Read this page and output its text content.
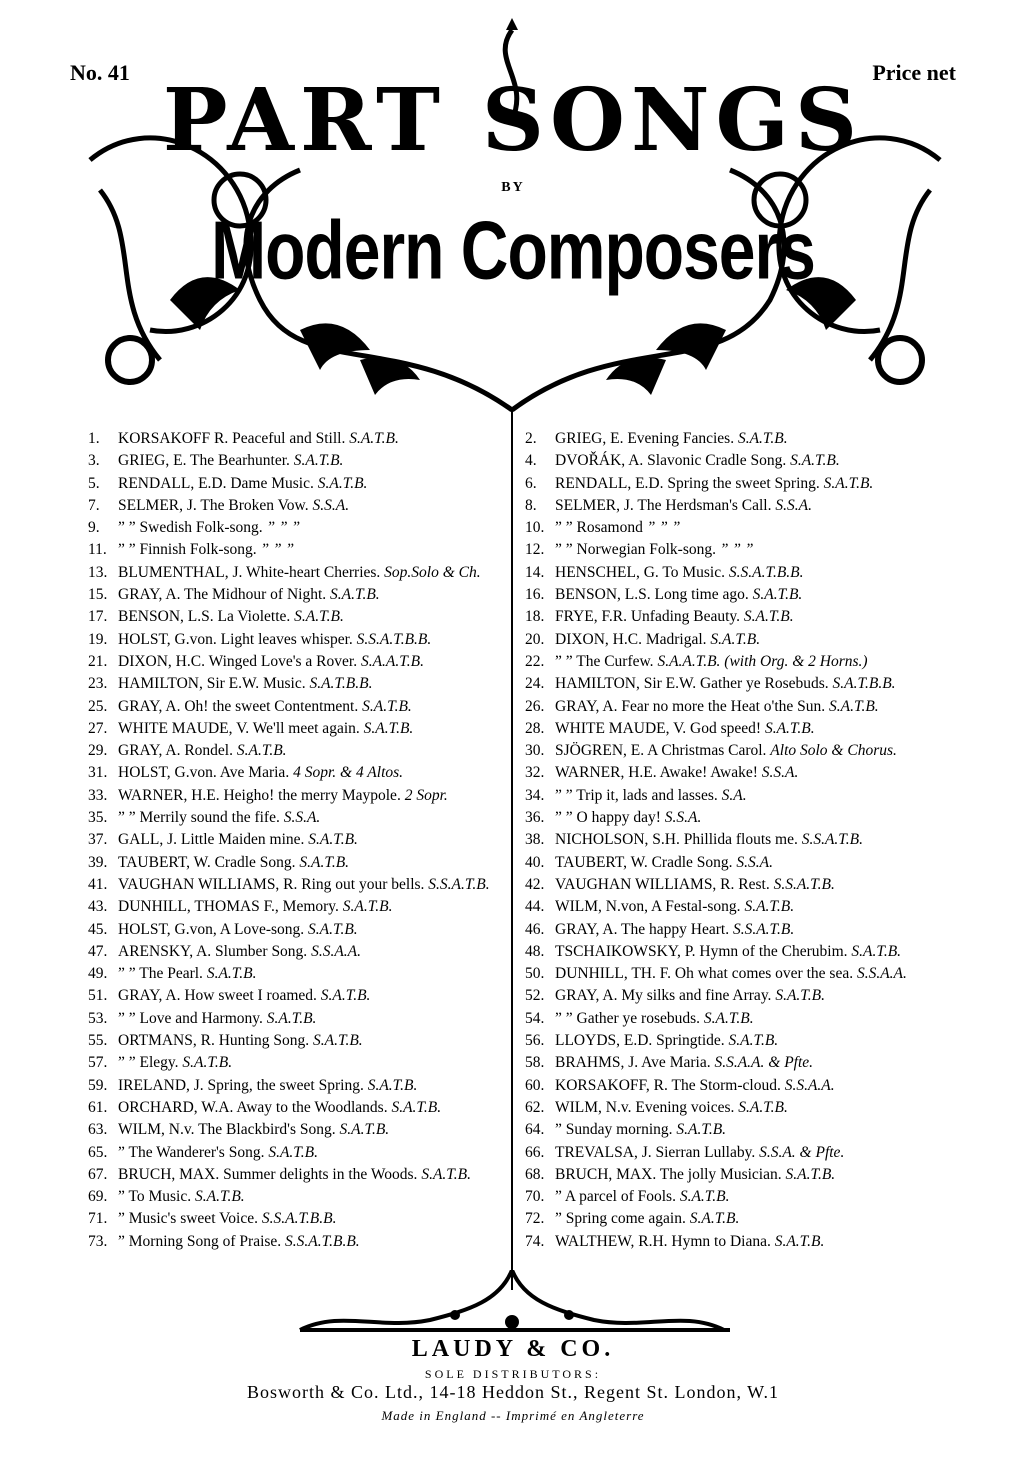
No. 41	Price net
PART SONGS
BY
Modern Composers
1. KORSAKOFF R. Peaceful and Still. S.A.T.B.
3. GRIEG, E. The Bearhunter. S.A.T.B.
5. RENDALL, E.D. Dame Music. S.A.T.B.
7. SELMER, J. The Broken Vow. S.S.A.
9. ” ” Swedish Folk-song. ” ” ”
11. ” ” Finnish Folk-song. ” ” ”
13. BLUMENTHAL, J. White-heart Cherries. Sop.Solo & Ch.
15. GRAY, A. The Midhour of Night. S.A.T.B.
17. BENSON, L.S. La Violette. S.A.T.B.
19. HOLST, G.von. Light leaves whisper. S.S.A.T.B.B.
21. DIXON, H.C. Winged Love's a Rover. S.A.A.T.B.
23. HAMILTON, Sir E.W. Music. S.A.T.B.B.
25. GRAY, A. Oh! the sweet Contentment. S.A.T.B.
27. WHITE MAUDE, V. We'll meet again. S.A.T.B.
29. GRAY, A. Rondel. S.A.T.B.
31. HOLST, G.von. Ave Maria. 4 Sopr. & 4 Altos.
33. WARNER, H.E. Heigho! the merry Maypole. 2 Sopr.
35. ” ” Merrily sound the fife. S.S.A.
37. GALL, J. Little Maiden mine. S.A.T.B.
39. TAUBERT, W. Cradle Song. S.A.T.B.
41. VAUGHAN WILLIAMS, R. Ring out your bells. S.S.A.T.B.
43. DUNHILL, THOMAS F., Memory. S.A.T.B.
45. HOLST, G.von, A Love-song. S.A.T.B.
47. ARENSKY, A. Slumber Song. S.S.A.A.
49. ” ” The Pearl. S.A.T.B.
51. GRAY, A. How sweet I roamed. S.A.T.B.
53. ” ” Love and Harmony. S.A.T.B.
55. ORTMANS, R. Hunting Song. S.A.T.B.
57. ” ” Elegy. S.A.T.B.
59. IRELAND, J. Spring, the sweet Spring. S.A.T.B.
61. ORCHARD, W.A. Away to the Woodlands. S.A.T.B.
63. WILM, N.v. The Blackbird's Song. S.A.T.B.
65. ” The Wanderer's Song. S.A.T.B.
67. BRUCH, MAX. Summer delights in the Woods. S.A.T.B.
69. ” To Music. S.A.T.B.
71. ” Music's sweet Voice. S.S.A.T.B.B.
73. ” Morning Song of Praise. S.S.A.T.B.B.
2. GRIEG, E. Evening Fancies. S.A.T.B.
4. DVOŘÁK, A. Slavonic Cradle Song. S.A.T.B.
6. RENDALL, E.D. Spring the sweet Spring. S.A.T.B.
8. SELMER, J. The Herdsman's Call. S.S.A.
10. ” ” Rosamond ” ” ”
12. ” ” Norwegian Folk-song. ” ” ”
14. HENSCHEL, G. To Music. S.S.A.T.B.B.
16. BENSON, L.S. Long time ago. S.A.T.B.
18. FRYE, F.R. Unfading Beauty. S.A.T.B.
20. DIXON, H.C. Madrigal. S.A.T.B.
22. ” ” The Curfew. S.A.A.T.B. (with Org. & 2 Horns.)
24. HAMILTON, Sir E.W. Gather ye Rosebuds. S.A.T.B.B.
26. GRAY, A. Fear no more the Heat o'the Sun. S.A.T.B.
28. WHITE MAUDE, V. God speed! S.A.T.B.
30. SJÖGREN, E. A Christmas Carol. Alto Solo & Chorus.
32. WARNER, H.E. Awake! Awake! S.S.A.
34. ” ” Trip it, lads and lasses. S.A.
36. ” ” O happy day! S.S.A.
38. NICHOLSON, S.H. Phillida flouts me. S.S.A.T.B.
40. TAUBERT, W. Cradle Song. S.S.A.
42. VAUGHAN WILLIAMS, R. Rest. S.S.A.T.B.
44. WILM, N.von, A Festal-song. S.A.T.B.
46. GRAY, A. The happy Heart. S.S.A.T.B.
48. TSCHAIKOWSKY, P. Hymn of the Cherubim. S.A.T.B.
50. DUNHILL, TH. F. Oh what comes over the sea. S.S.A.A.
52. GRAY, A. My silks and fine Array. S.A.T.B.
54. ” ” Gather ye rosebuds. S.A.T.B.
56. LLOYDS, E.D. Springtide. S.A.T.B.
58. BRAHMS, J. Ave Maria. S.S.A.A. & Pfte.
60. KORSAKOFF, R. The Storm-cloud. S.S.A.A.
62. WILM, N.v. Evening voices. S.A.T.B.
64. ” Sunday morning. S.A.T.B.
66. TREVALSA, J. Sierran Lullaby. S.S.A. & Pfte.
68. BRUCH, MAX. The jolly Musician. S.A.T.B.
70. ” A parcel of Fools. S.A.T.B.
72. ” Spring come again. S.A.T.B.
74. WALTHEW, R.H. Hymn to Diana. S.A.T.B.
LAUDY & CO.
SOLE DISTRIBUTORS:
Bosworth & Co. Ltd., 14-18 Heddon St., Regent St. London, W.1
Made in England -- Imprimé en Angleterre
